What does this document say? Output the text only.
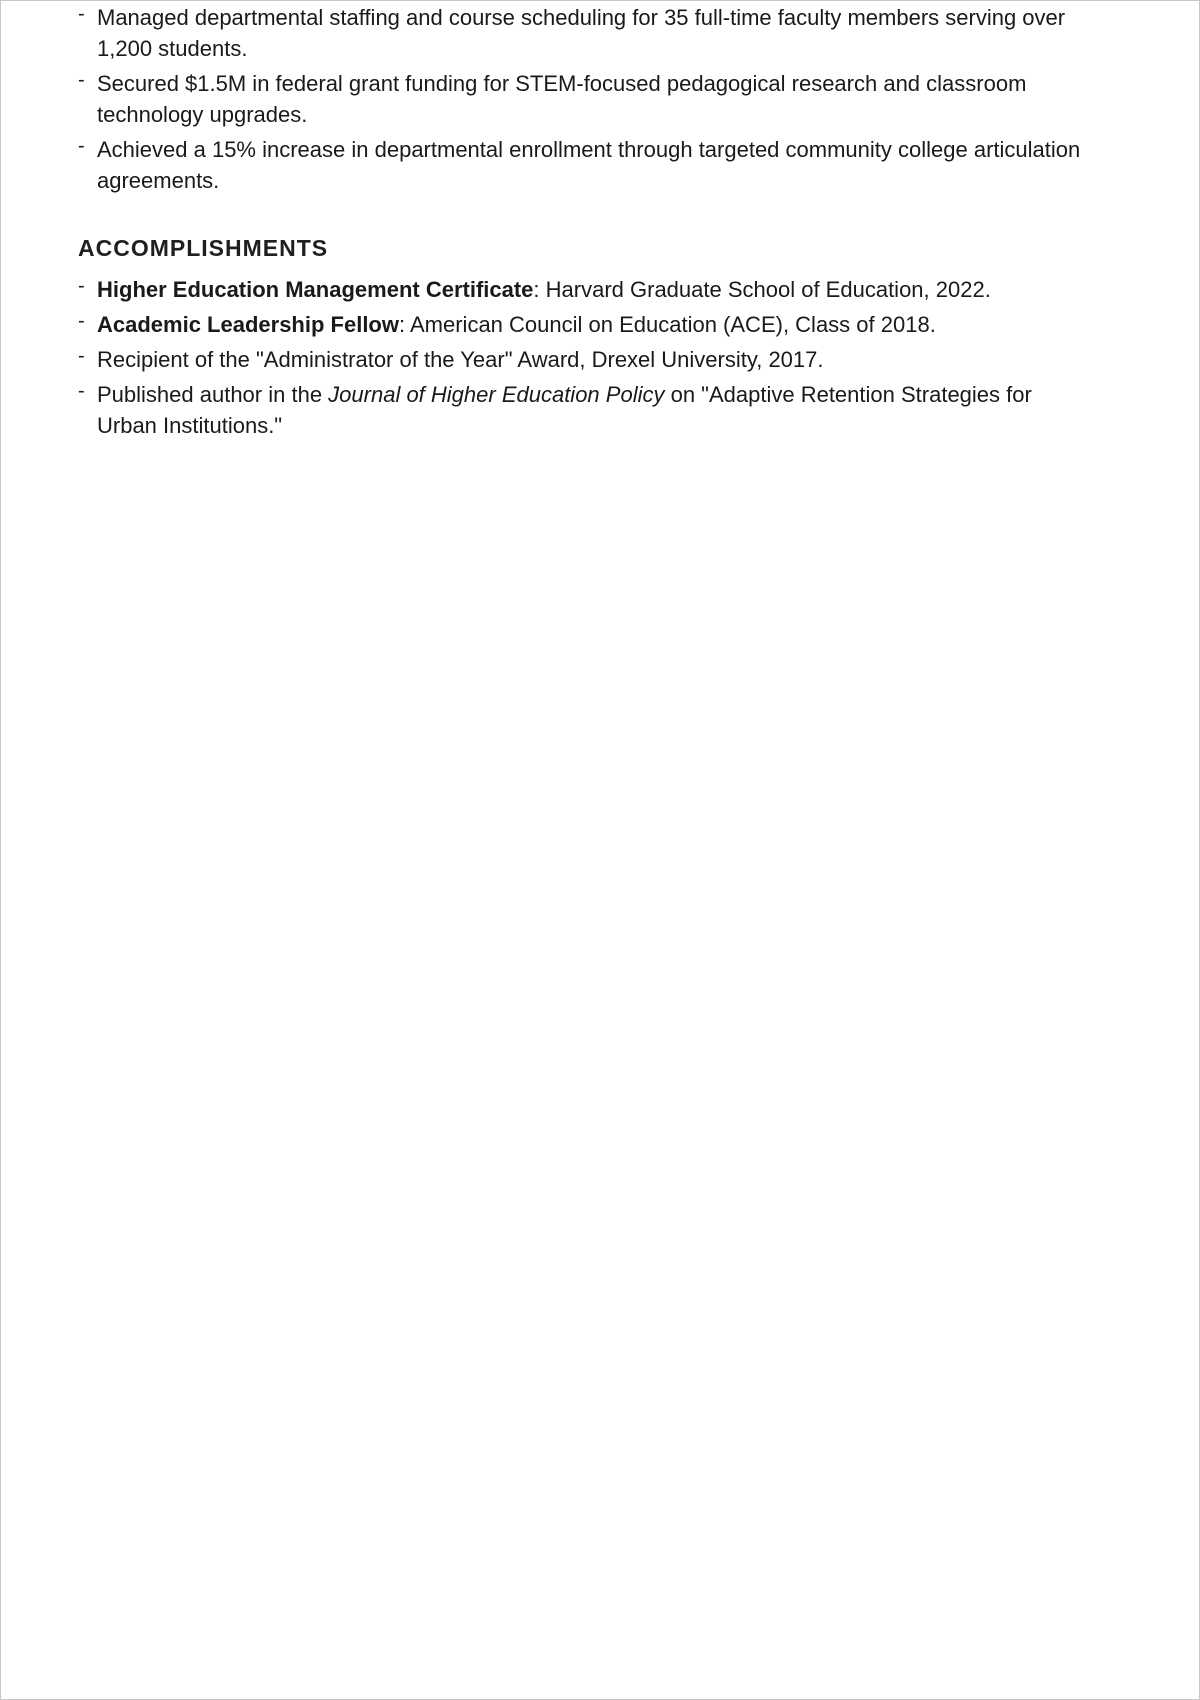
- Managed departmental staffing and course scheduling for 35 full-time faculty members serving over 1,200 students.
- Secured $1.5M in federal grant funding for STEM-focused pedagogical research and classroom technology upgrades.
- Achieved a 15% increase in departmental enrollment through targeted community college articulation agreements.
ACCOMPLISHMENTS
- Higher Education Management Certificate: Harvard Graduate School of Education, 2022.
- Academic Leadership Fellow: American Council on Education (ACE), Class of 2018.
- Recipient of the "Administrator of the Year" Award, Drexel University, 2017.
- Published author in the Journal of Higher Education Policy on "Adaptive Retention Strategies for Urban Institutions."
